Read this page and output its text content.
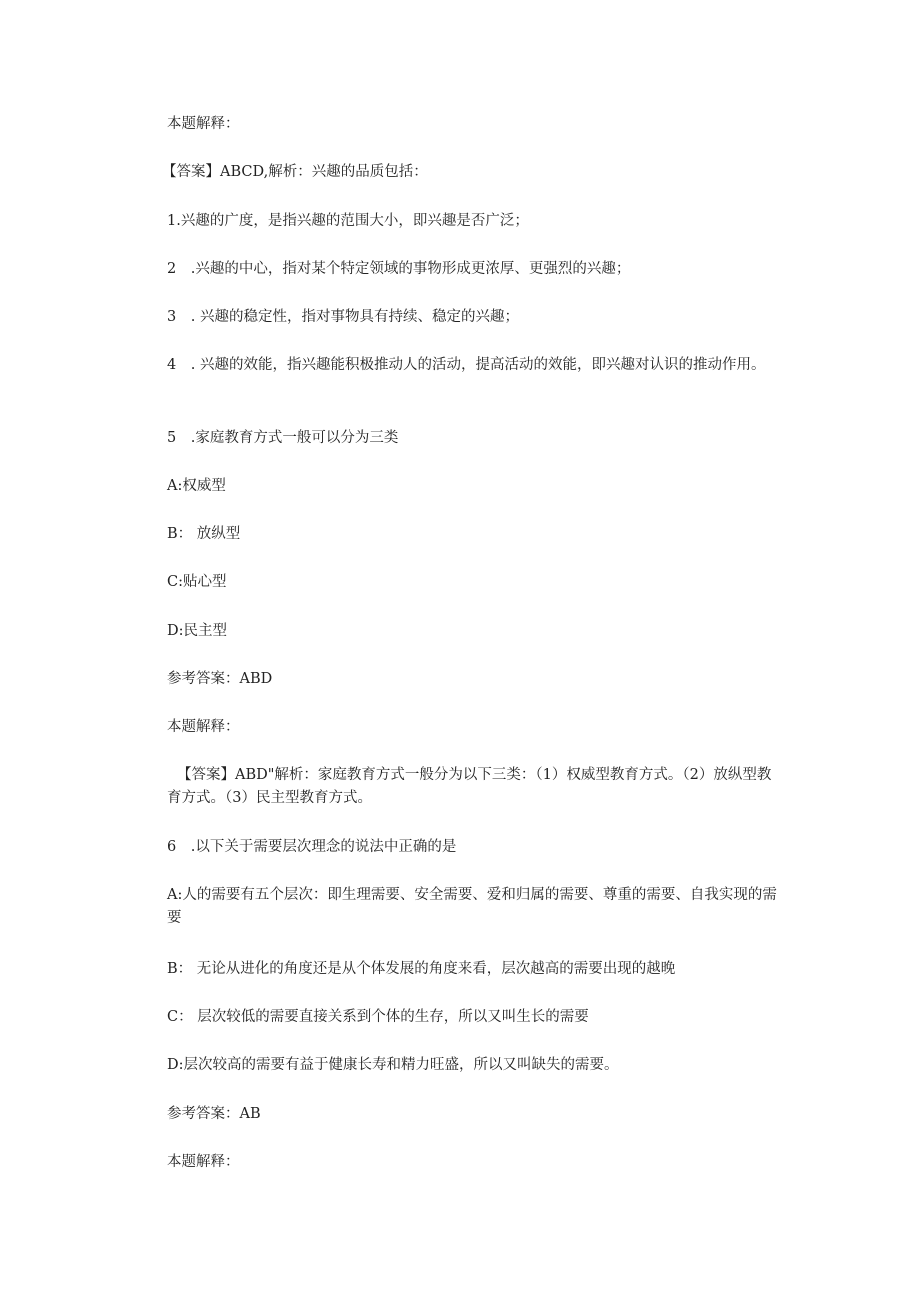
本题解释：
【答案】ABCD,解析：兴趣的品质包括：
1.兴趣的广度，是指兴趣的范围大小，即兴趣是否广泛；
2　.兴趣的中心，指对某个特定领域的事物形成更浓厚、更强烈的兴趣；
3　. 兴趣的稳定性，指对事物具有持续、稳定的兴趣；
4　. 兴趣的效能，指兴趣能积极推动人的活动，提高活动的效能，即兴趣对认识的推动作用。
5　.家庭教育方式一般可以分为三类
A:权威型
B： 放纵型
C:贴心型
D:民主型
参考答案：ABD
本题解释：
【答案】ABD"解析：家庭教育方式一般分为以下三类：（1）权威型教育方式。（2）放纵型教育方式。（3）民主型教育方式。
6　.以下关于需要层次理念的说法中正确的是
A:人的需要有五个层次：即生理需要、安全需要、爱和归属的需要、尊重的需要、自我实现的需要
B： 无论从进化的角度还是从个体发展的角度来看，层次越高的需要出现的越晚
C： 层次较低的需要直接关系到个体的生存，所以又叫生长的需要
D:层次较高的需要有益于健康长寿和精力旺盛，所以又叫缺失的需要。
参考答案：AB
本题解释：
